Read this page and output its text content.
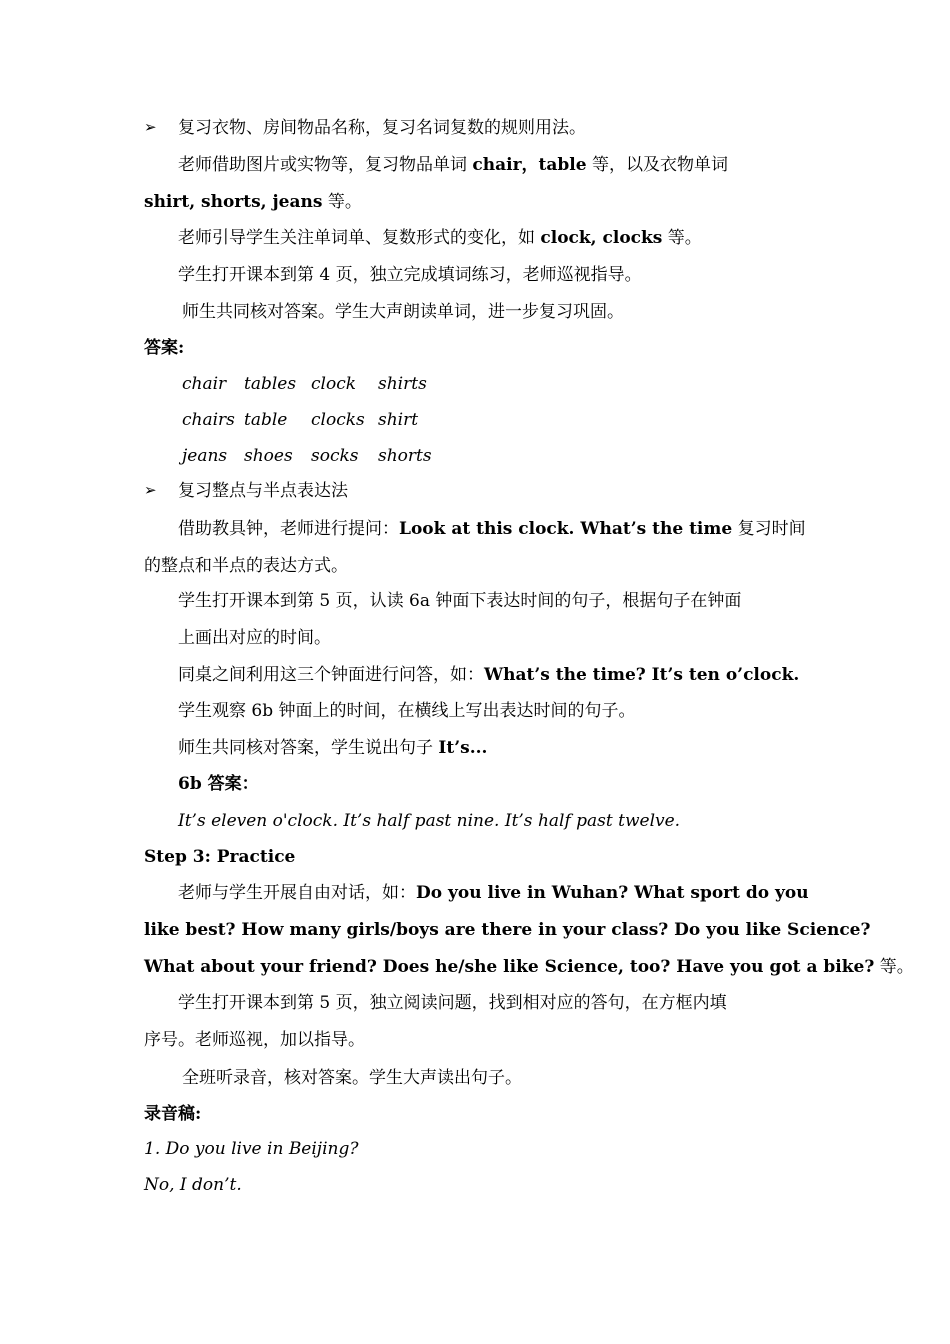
➢ 复习衣物、房间物品名称，复习名词复数的规则用法。
老师借助图片或实物等，复习物品单词 chair，table 等，以及衣物单词
shirt, shorts, jeans 等。
老师引导学生关注单词单、复数形式的变化，如 clock, clocks 等。
学生打开课本到第 4 页，独立完成填词练习，老师巡视指导。
师生共同核对答案。学生大声朗读单词，进一步复习巩固。
答案:
chair tables clock shirts
chairs table clocks shirt
jeans shoes socks shorts
➢ 复习整点与半点表达法
借助教具钟，老师进行提问：Look at this clock. What’s the time 复习时间
的整点和半点的表达方式。
学生打开课本到第 5 页，认读 6a 钟面下表达时间的句子，根据句子在钟面
上画出对应的时间。
同桌之间利用这三个钟面进行问答，如：What’s the time? It’s ten o’clock.
学生观察 6b 钟面上的时间，在横线上写出表达时间的句子。
师生共同核对答案，学生说出句子 It’s...
6b 答案：
It’s eleven o'clock. It’s half past nine. It’s half past twelve.
Step 3: Practice
老师与学生开展自由对话，如：Do you live in Wuhan? What sport do you
like best? How many girls/boys are there in your class? Do you like Science?
What about your friend? Does he/she like Science, too? Have you got a bike? 等。
学生打开课本到第 5 页，独立阅读问题，找到相对应的答句，在方框内填
序号。老师巡视，加以指导。
全班听录音，核对答案。学生大声读出句子。
录音稿:
1. Do you live in Beijing?
No, I don’t.
